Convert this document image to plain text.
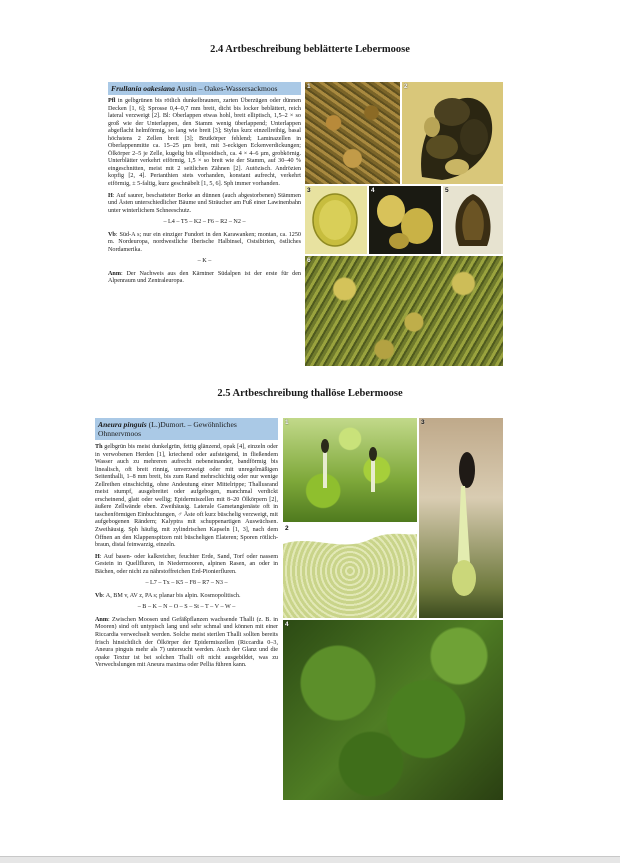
2.4 Artbeschreibung beblätterte Lebermoose
Frullania oakesiana Austin – Oakes-Wassersackmoos

Pfl in gelbgrünen bis rötlich dunkelbraunen, zarten Überzügen oder dünnen Decken [1, 6]; Sprosse 0,4–0,7 mm breit, dicht bis locker beblättert, reich lateral verzweigt [2]. Bl: Oberlappen etwas hohl, breit elliptisch, 1,5–2 × so groß wie der Unterlappen, den Stamm wenig überlappend; Unterlappen abgeflacht helmförmig, so lang wie breit [3]; Stylus kurz einzellreihig, basal höchstens 2 Zellen breit [3]; Brutkörper fehlend; Laminazellen in Oberlappenmitte ca. 15–25 µm breit, mit 3-eckigen Eckenverdickungen; Ölkörper 2–5 je Zelle, kugelig bis ellipsoidisch, ca. 4 × 4–6 µm, grobkörnig. Unterblätter verkehrt eiförmig, 1,5 × so breit wie der Stamm, auf 30–40 % eingeschnitten, meist mit 2 seitlichen Zähnen [2]. Autözisch. Andrözien kopfig [2, 4]. Perianthien stets vorhanden, konstant aufrecht, verkehrt eiförmig, ± 5-faltig, kurz geschnäbelt [1, 5, 6]. Sph immer vorhanden.

H: Auf saurer, beschatteter Borke an dünnen (auch abgestorbenen) Stämmen und Ästen unterschiedlicher Bäume und Sträucher am Fuß einer Lawinenbahn unter winterlichem Schneeschutz.

– L4 – T5 – K2 – F6 – R2 – N2 –

Vb: Süd-A s; nur ein einziger Fundort in den Karawanken; montan, ca. 1250 m. Nordeuropa, nordwestliche Iberische Halbinsel, Ostsibirien, östliches Nordamerika.

– K –

Anm: Der Nachweis aus den Kärntner Südalpen ist der erste für den Alpenraum und Zentraleuropa.

1	2
3	4	5
6
2.5 Artbeschreibung thallöse Lebermoose
Aneura pinguis (L.)Dumort. – Gewöhnliches Ohnnervmoos

Th gelbgrün bis meist dunkelgrün, fettig glänzend, opak [4], einzeln oder in verwobenen Herden [1], kriechend oder aufsteigend, in fließendem Wasser auch zu mehreren aufrecht nebeneinander, bandförmig bis linealisch, oft breit rinnig, unverzweigt oder mit unregelmäßigen Seitenthalli, 1–8 mm breit, bis zum Rand mehrschichtig oder nur wenige Zellreihen einschichtig, ohne Andeutung einer Mittelrippe; Thallusrand meist stumpf, ausgebreitet oder aufgebogen, manchmal verdickt erscheinend, glatt oder wellig; Epidermiszellen mit 8–20 Ölkörpern [2], äußere Zellwände eben. Zweihäusig. Laterale Gametangienäste oft in taschenförmigen Einbuchtungen, ♂ Äste oft kurz büschelig verzweigt, mit aufgebogenen Rändern; Kalyptra mit schuppenartigen Auswüchsen. Zweihäusig. Sph häufig, mit zylindrischen Kapseln [1, 3], nach dem Öffnen an den Klappenspitzen mit büscheligen Elateren; Sporen rötlich-braun, distal feinwarzig, einzeln.

H: Auf basen- oder kalkreicher, feuchter Erde, Sand, Torf oder nassem Gestein in Quellfluren, in Niedermooren, alpinen Rasen, an oder in Bächen, oder nicht zu nährstoffreichen Erd-Pionierfluren.

– L7 – Tx – K5 – F8 – R7 – N3 –

Vb: A, BM v, AV z, PA s; planar bis alpin. Kosmopolitisch.

– B – K – N – O – S – St – T – V – W –

Anm: Zwischen Moosen und Gefäßpflanzen wachsende Thalli (z. B. in Mooren) sind oft untypisch lang und sehr schmal und können mit einer Riccardia verwechselt werden. Solche meist sterilen Thalli sollten bereits frisch hinsichtlich der Ölkörper der Epidermiszellen (Riccardia 0–3, Aneura pinguis mehr als 7) untersucht werden. Auch der Glanz und die opake Textur ist bei solchen Thalli oft nicht ausgebildet, was zu Verwechslungen mit Aneura maxima oder Pellia führen kann.

1
2
3
4
